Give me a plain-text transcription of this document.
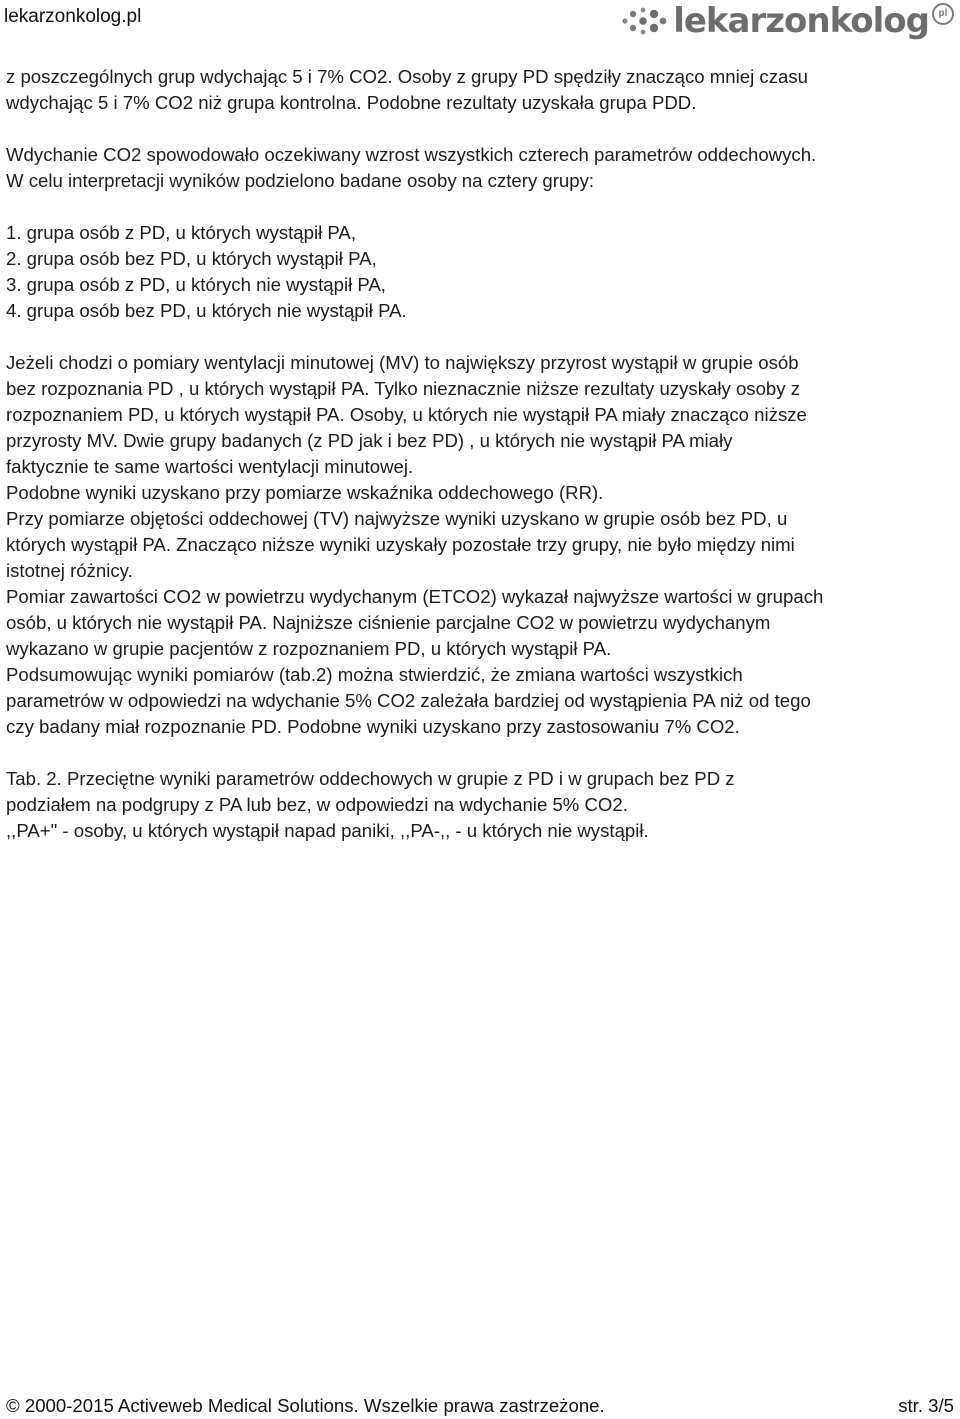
lekarzonkolog.pl	lekarzonkolog pl

z poszczególnych grup wdychając 5 i 7% CO2. Osoby z grupy PD spędziły znacząco mniej czasu
wdychając 5 i 7% CO2 niż grupa kontrolna. Podobne rezultaty uzyskała grupa PDD.

Wdychanie CO2 spowodowało oczekiwany wzrost wszystkich czterech parametrów oddechowych.
W celu interpretacji wyników podzielono badane osoby na cztery grupy:

1. grupa osób z PD, u których wystąpił PA,
2. grupa osób bez PD, u których wystąpił PA,
3. grupa osób z PD, u których nie wystąpił PA,
4. grupa osób bez PD, u których nie wystąpił PA.

Jeżeli chodzi o pomiary wentylacji minutowej (MV) to największy przyrost wystąpił w grupie osób
bez rozpoznania PD , u których wystąpił PA. Tylko nieznacznie niższe rezultaty uzyskały osoby z
rozpoznaniem PD, u których wystąpił PA. Osoby, u których nie wystąpił PA miały znacząco niższe
przyrosty MV. Dwie grupy badanych (z PD jak i bez PD) , u których nie wystąpił PA miały
faktycznie te same wartości wentylacji minutowej.
Podobne wyniki uzyskano przy pomiarze wskaźnika oddechowego (RR).
Przy pomiarze objętości oddechowej (TV) najwyższe wyniki uzyskano w grupie osób bez PD, u
których wystąpił PA. Znacząco niższe wyniki uzyskały pozostałe trzy grupy, nie było między nimi
istotnej różnicy.
Pomiar zawartości CO2 w powietrzu wydychanym (ETCO2) wykazał najwyższe wartości w grupach
osób, u których nie wystąpił PA. Najniższe ciśnienie parcjalne CO2 w powietrzu wydychanym
wykazano w grupie pacjentów z rozpoznaniem PD, u których wystąpił PA.
Podsumowując wyniki pomiarów (tab.2) można stwierdzić, że zmiana wartości wszystkich
parametrów w odpowiedzi na wdychanie 5% CO2 zależała bardziej od wystąpienia PA niż od tego
czy badany miał rozpoznanie PD. Podobne wyniki uzyskano przy zastosowaniu 7% CO2.

Tab. 2. Przeciętne wyniki parametrów oddechowych w grupie z PD i w grupach bez PD z
podziałem na podgrupy z PA lub bez, w odpowiedzi na wdychanie 5% CO2.
,,PA+" - osoby, u których wystąpił napad paniki, ,,PA-,, - u których nie wystąpił.

© 2000-2015 Activeweb Medical Solutions. Wszelkie prawa zastrzeżone.	str. 3/5
